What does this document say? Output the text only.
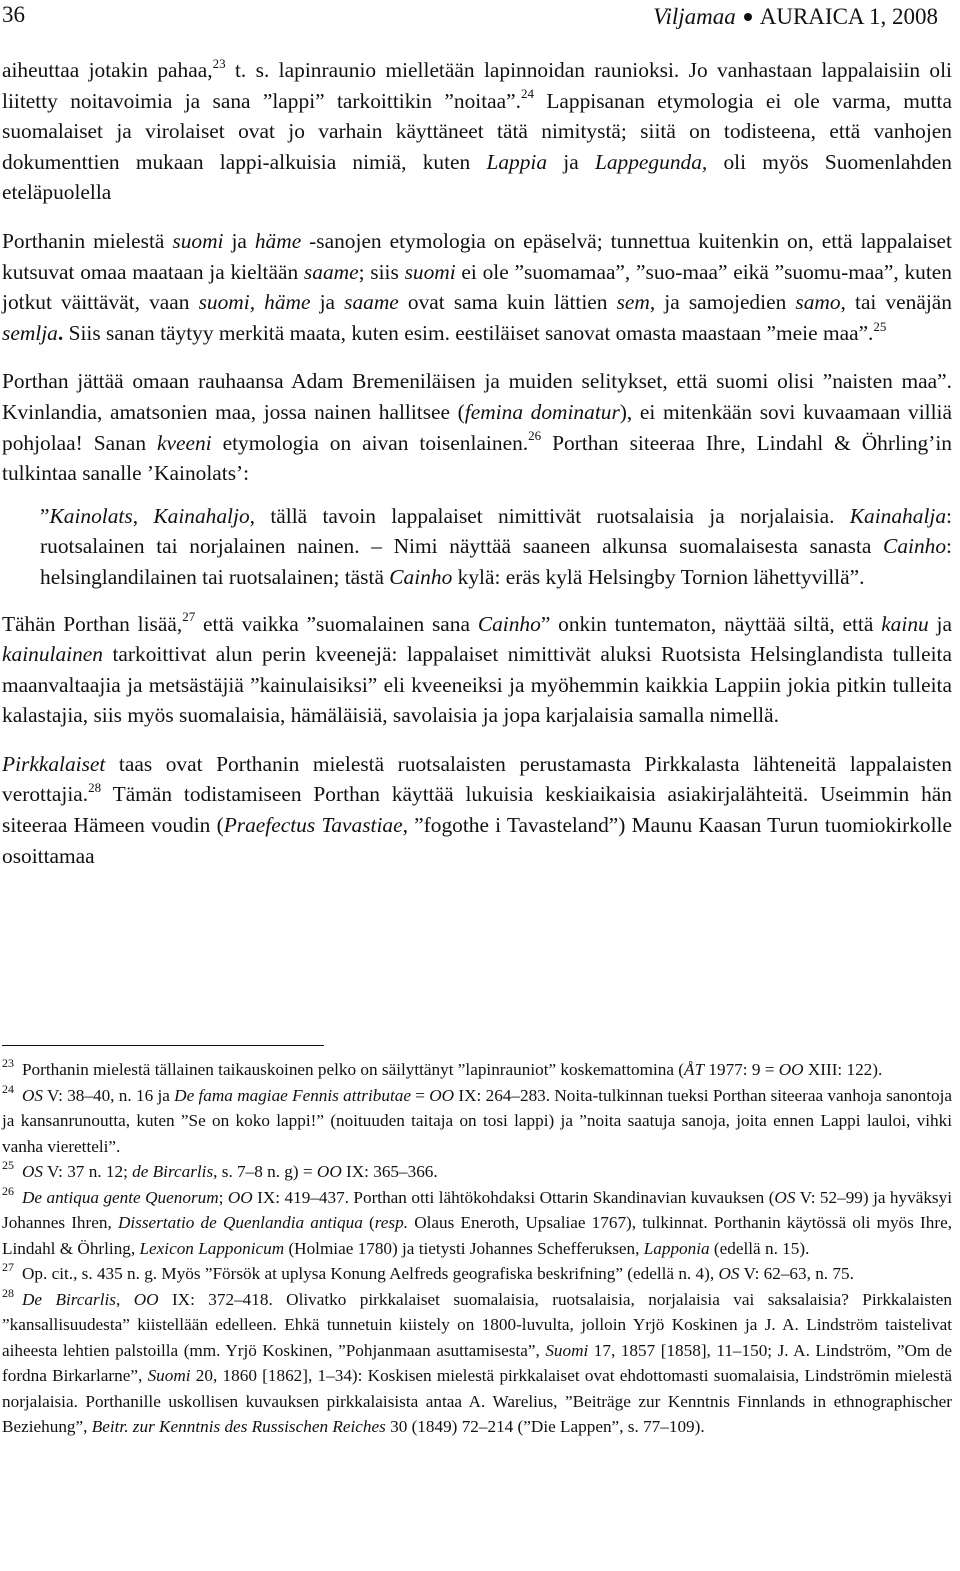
36	Viljamaa AURAICA 1, 2008

aiheuttaa jotakin pahaa,$^{23}$ t. s. lapinraunio mielletään lapinnoidan raunioksi. Jo vanhastaan lappalaisiin oli liitetty noitavoimia ja sana ”lappi” tarkoittikin ”noitaa”.$^{24}$ Lappisanan etymologia ei ole varma, mutta suomalaiset ja virolaiset ovat jo varhain käyttäneet tätä nimitystä; siitä on todisteena, että vanhojen dokumenttien mukaan lappi-alkuisia nimiä, kuten Lappia ja Lappegunda, oli myös Suomenlahden eteläpuolella

Porthanin mielestä suomi ja häme -sanojen etymologia on epäselvä; tunnettua kuitenkin on, että lappalaiset kutsuvat omaa maataan ja kieltään saame; siis suomi ei ole ”suomamaa”, ”suo-maa” eikä ”suomu-maa”, kuten jotkut väittävät, vaan suomi, häme ja saame ovat sama kuin lättien sem, ja samojedien samo, tai venäjän semlja. Siis sanan täytyy merkitä maata, kuten esim. eestiläiset sanovat omasta maastaan ”meie maa”.$^{25}$

Porthan jättää omaan rauhaansa Adam Bremeniläisen ja muiden selitykset, että suomi olisi ”naisten maa”. Kvinlandia, amatsonien maa, jossa nainen hallitsee (femina dominatur), ei mitenkään sovi kuvaamaan villiä pohjolaa! Sanan kveeni etymologia on aivan toisenlainen.$^{26}$ Porthan siteeraa Ihre, Lindahl & Öhrling’in tulkintaa sanalle ’Kainolats’:

”Kainolats, Kainahaljo, tällä tavoin lappalaiset nimittivät ruotsalaisia ja norjalaisia. Kainahalja: ruotsalainen tai norjalainen nainen. – Nimi näyttää saaneen alkunsa suomalaisesta sanasta Cainho: helsinglandilainen tai ruotsalainen; tästä Cainho kylä: eräs kylä Helsingby Tornion lähettyvillä”.

Tähän Porthan lisää,$^{27}$ että vaikka ”suomalainen sana Cainho” onkin tuntematon, näyttää siltä, että kainu ja kainulainen tarkoittivat alun perin kveenejä: lappalaiset nimittivät aluksi Ruotsista Helsinglandista tulleita maanvaltaajia ja metsästäjiä ”kainulaisiksi” eli kveeneiksi ja myöhemmin kaikkia Lappiin jokia pitkin tulleita kalastajia, siis myös suomalaisia, hämäläisiä, savolaisia ja jopa karjalaisia samalla nimellä.

Pirkkalaiset taas ovat Porthanin mielestä ruotsalaisten perustamasta Pirkkalasta lähteneitä lappalaisten verottajia.$^{28}$ Tämän todistamiseen Porthan käyttää lukuisia keskiaikaisia asiakirjalähteitä. Useimmin hän siteeraa Hämeen voudin (Praefectus Tavastiae, ”fogothe i Tavasteland”) Maunu Kaasan Turun tuomiokirkolle osoittamaa

$^{23}$ Porthanin mielestä tällainen taikauskoinen pelko on säilyttänyt ”lapinrauniot” koskemattomina (ÅT 1977: 9 = OO XIII: 122).

$^{24}$ OS V: 38–40, n. 16 ja De fama magiae Fennis attributae = OO IX: 264–283. Noita-tulkinnan tueksi Porthan siteeraa vanhoja sanontoja ja kansanrunoutta, kuten ”Se on koko lappi!” (noituuden taitaja on tosi lappi) ja ”noita saatuja sanoja, joita ennen Lappi lauloi, vihki vanha vieretteli”.

$^{25}$ OS V: 37 n. 12; de Bircarlis, s. 7–8 n. g) = OO IX: 365–366.

$^{26}$ De antiqua gente Quenorum; OO IX: 419–437. Porthan otti lähtökohdaksi Ottarin Skandinavian kuvauksen (OS V: 52–99) ja hyväksyi Johannes Ihren, Dissertatio de Quenlandia antiqua (resp. Olaus Eneroth, Upsaliae 1767), tulkinnat. Porthanin käytössä oli myös Ihre, Lindahl & Öhrling, Lexicon Lapponicum (Holmiae 1780) ja tietysti Johannes Schefferuksen, Lapponia (edellä n. 15).

$^{27}$ Op. cit., s. 435 n. g. Myös ”Försök at uplysa Konung Aelfreds geografiska beskrifning” (edellä n. 4), OS V: 62–63, n. 75.

$^{28}$ De Bircarlis, OO IX: 372–418. Olivatko pirkkalaiset suomalaisia, ruotsalaisia, norjalaisia vai saksalaisia? Pirkkalaisten ”kansallisuudesta” kiistellään edelleen. Ehkä tunnetuin kiistely on 1800-luvulta, jolloin Yrjö Koskinen ja J. A. Lindström taistelivat aiheesta lehtien palstoilla (mm. Yrjö Koskinen, ”Pohjanmaan asuttamisesta”, Suomi 17, 1857 [1858], 11–150; J. A. Lindström, ”Om de fordna Birkarlarne”, Suomi 20, 1860 [1862], 1–34): Koskisen mielestä pirkkalaiset ovat ehdottomasti suomalaisia, Lindströmin mielestä norjalaisia. Porthanille uskollisen kuvauksen pirkkalaisista antaa A. Warelius, ”Beiträge zur Kenntnis Finnlands in ethnographischer Beziehung”, Beitr. zur Kenntnis des Russischen Reiches 30 (1849) 72–214 (”Die Lappen”, s. 77–109).
